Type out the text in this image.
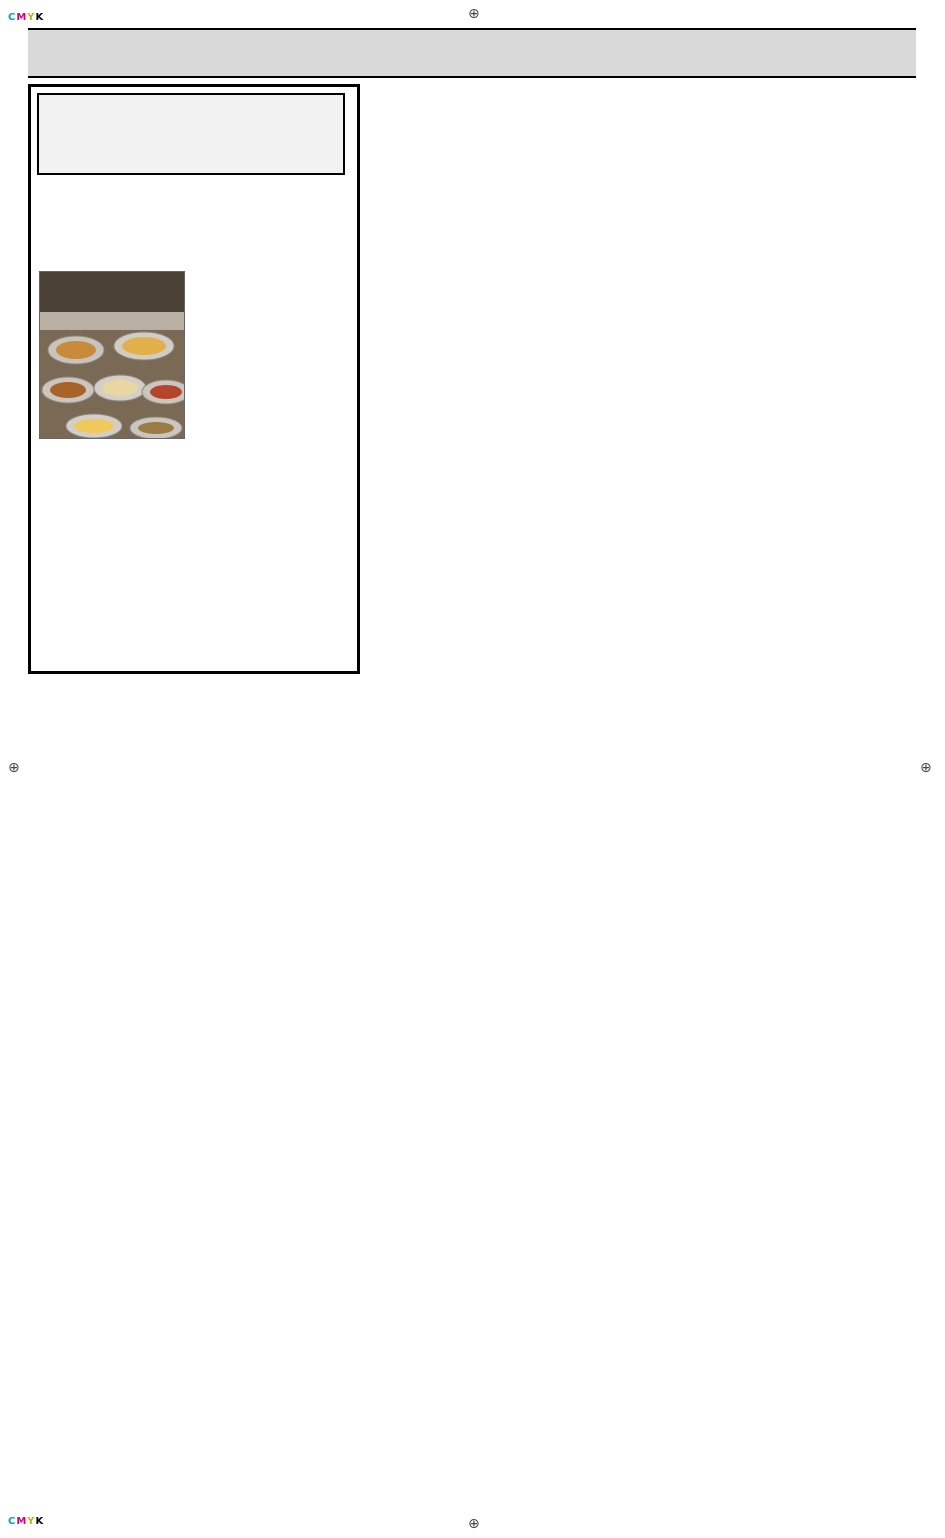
CMYK
CMYK
⊕
⊕	⊕
⊕
